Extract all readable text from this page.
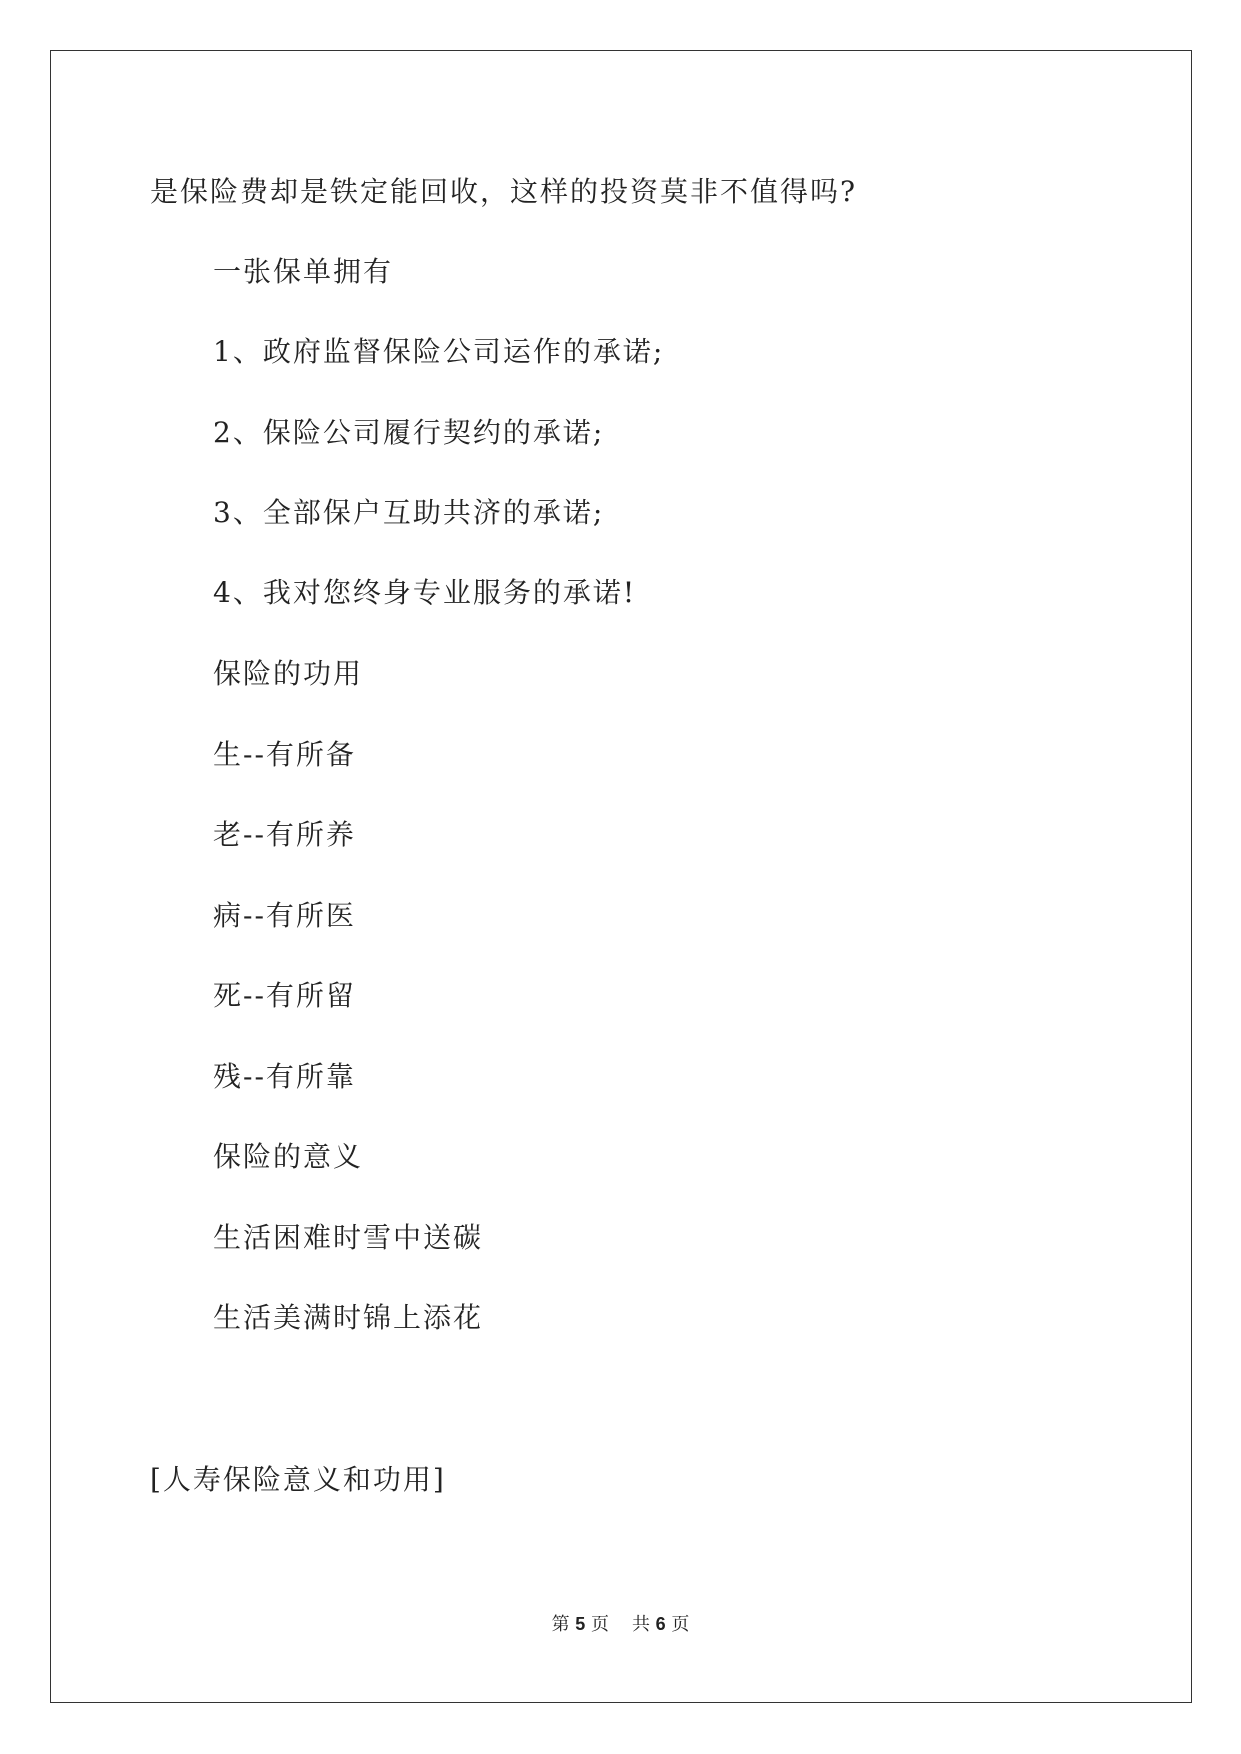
是保险费却是铁定能回收，这样的投资莫非不值得吗?
一张保单拥有
1、政府监督保险公司运作的承诺;
2、保险公司履行契约的承诺;
3、全部保户互助共济的承诺;
4、我对您终身专业服务的承诺!
保险的功用
生--有所备
老--有所养
病--有所医
死--有所留
残--有所靠
保险的意义
生活困难时雪中送碳
生活美满时锦上添花
[人寿保险意义和功用]
第 5 页 共 6 页
